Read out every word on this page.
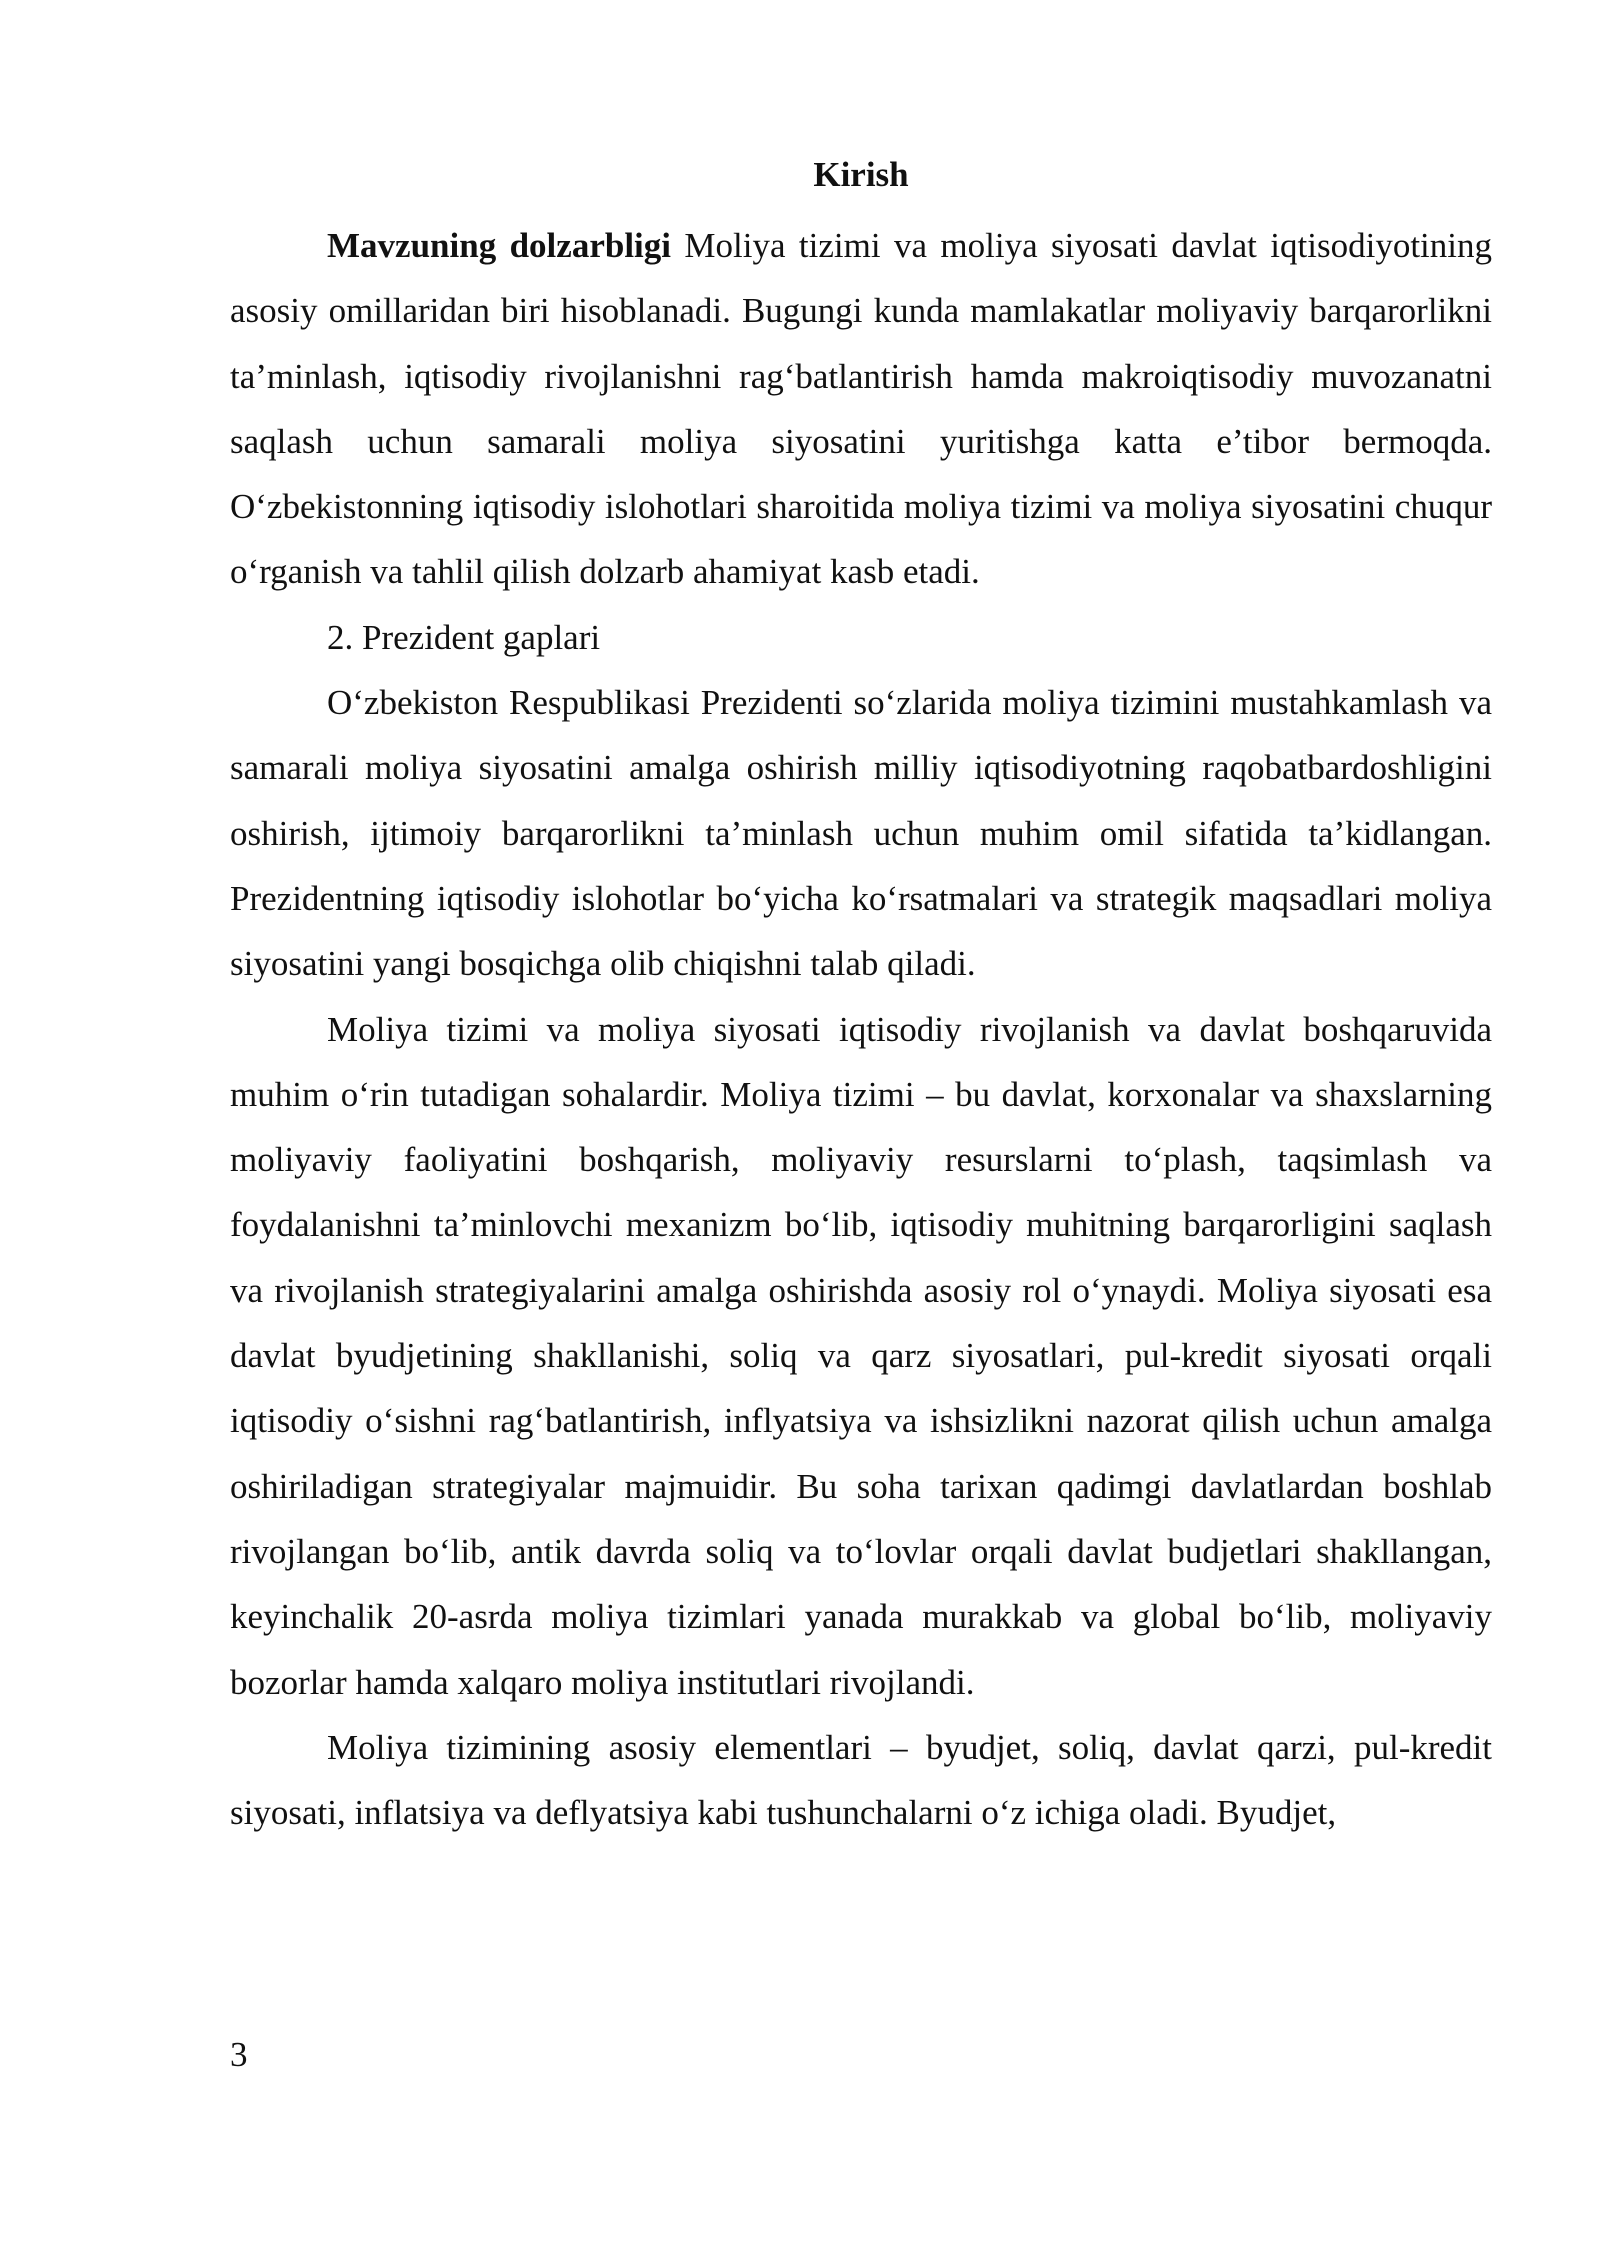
Kirish

Mavzuning dolzarbligi Moliya tizimi va moliya siyosati davlat iqtisodiyotining asosiy omillaridan biri hisoblanadi. Bugungi kunda mamlakatlar moliyaviy barqarorlikni ta’minlash, iqtisodiy rivojlanishni rag‘batlantirish hamda makroiqtisodiy muvozanatni saqlash uchun samarali moliya siyosatini yuritishga katta e’tibor bermoqda. O‘zbekistonning iqtisodiy islohotlari sharoitida moliya tizimi va moliya siyosatini chuqur o‘rganish va tahlil qilish dolzarb ahamiyat kasb etadi.

2. Prezident gaplari

O‘zbekiston Respublikasi Prezidenti so‘zlarida moliya tizimini mustahkamlash va samarali moliya siyosatini amalga oshirish milliy iqtisodiyotning raqobatbardoshligini oshirish, ijtimoiy barqarorlikni ta’minlash uchun muhim omil sifatida ta’kidlangan. Prezidentning iqtisodiy islohotlar bo‘yicha ko‘rsatmalari va strategik maqsadlari moliya siyosatini yangi bosqichga olib chiqishni talab qiladi.

Moliya tizimi va moliya siyosati iqtisodiy rivojlanish va davlat boshqaruvida muhim o‘rin tutadigan sohalardir. Moliya tizimi – bu davlat, korxonalar va shaxslarning moliyaviy faoliyatini boshqarish, moliyaviy resurslarni to‘plash, taqsimlash va foydalanishni ta’minlovchi mexanizm bo‘lib, iqtisodiy muhitning barqarorligini saqlash va rivojlanish strategiyalarini amalga oshirishda asosiy rol o‘ynaydi. Moliya siyosati esa davlat byudjetining shakllanishi, soliq va qarz siyosatlari, pul-kredit siyosati orqali iqtisodiy o‘sishni rag‘batlantirish, inflyatsiya va ishsizlikni nazorat qilish uchun amalga oshiriladigan strategiyalar majmuidir. Bu soha tarixan qadimgi davlatlardan boshlab rivojlangan bo‘lib, antik davrda soliq va to‘lovlar orqali davlat budjetlari shakllangan, keyinchalik 20-asrda moliya tizimlari yanada murakkab va global bo‘lib, moliyaviy bozorlar hamda xalqaro moliya institutlari rivojlandi.

Moliya tizimining asosiy elementlari – byudjet, soliq, davlat qarzi, pul-kredit siyosati, inflatsiya va deflyatsiya kabi tushunchalarni o‘z ichiga oladi. Byudjet,

3
